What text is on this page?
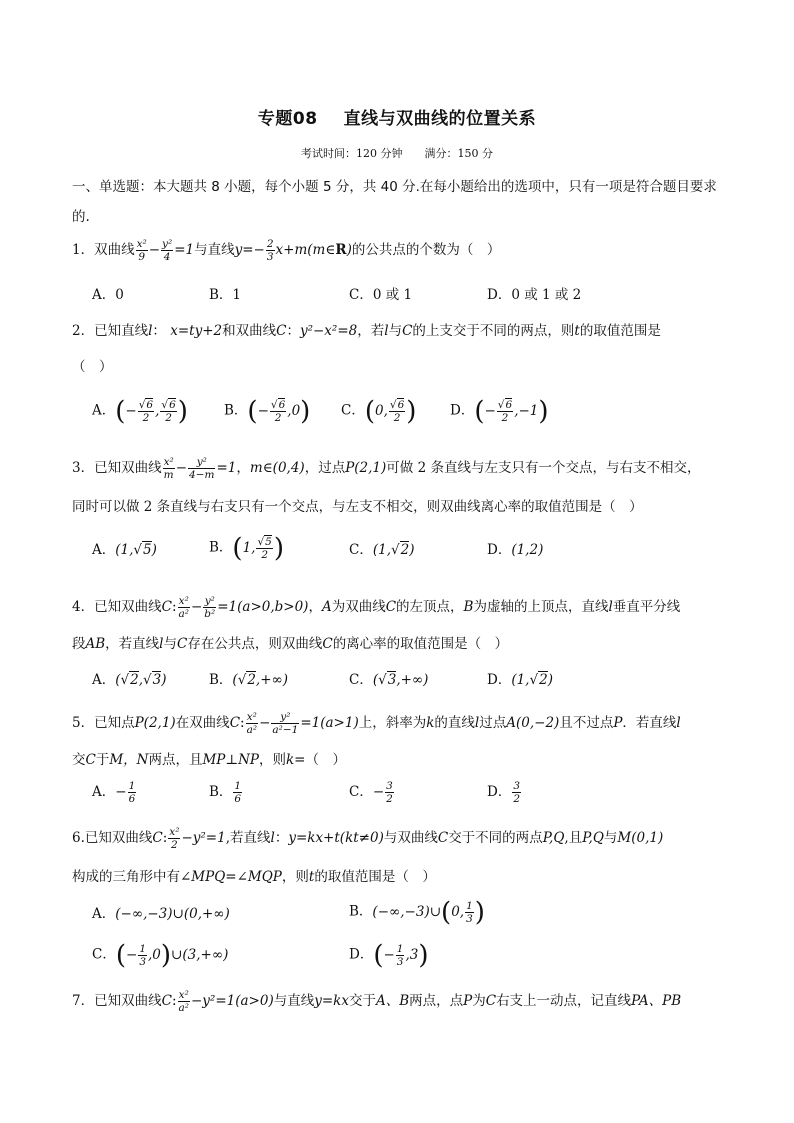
专题08 直线与双曲线的位置关系
考试时间：120 分钟 满分：150 分
一、单选题：本大题共 8 小题，每个小题 5 分，共 40 分.在每小题给出的选项中，只有一项是符合题目要求
的.
1．双曲线 $\frac{\text{x²}}{9} - \frac{\text{y²}}{4} =1$与直线$y=- \frac{2}{3}$ x+m(m∈R)的公共点的个数为（　）
A．0	B．1	C．0 或 1	D．0 或 1 或 2
2．已知直线l： x=ty+2和双曲线C：y²−x²=8，若l与C的上支交于不同的两点，则t的取值范围是
（　）
A．(− $\frac{√6}{2}$ , $\frac{√6}{2}$ )	B．(− $\frac{√6}{2} ,0$) C．(0, $\frac{√6}{2}$ ) D．(− $\frac{√6}{2} ,-1$)
3．已知双曲线 $\frac{\text{x²}}{m} - \frac{\text{y²}}{4-m} =1$，m∈(0,4)，过点P(2,1)可做 2 条直线与左支只有一个交点，与右支不相交，
同时可以做 2 条直线与右支只有一个交点，与左支不相交，则双曲线离心率的取值范围是（　）
A．(1,√5)	B．(1, $\frac{√5}{2}$ )	C．(1,√2)	D．(1,2)
4．已知双曲线C: $\frac{\text{x²}}{\text{a²}} - \frac{\text{y²}}{\text{b²}} =1(a>0,b>0)$，A为双曲线C的左顶点，B为虚轴的上顶点，直线l垂直平分线
段AB，若直线l与C存在公共点，则双曲线C的离心率的取值范围是（　）
A．(√2,√3)	B．(√2,+∞)	C．(√3,+∞)	D．(1,√2)
5．已知点P(2,1)在双曲线C: $\frac{\text{x²}}{\text{a²}} - \frac{\text{y²}}{\text{a²−1}} =1(a>1)$上，斜率为k的直线l过点A(0,−2)且不过点P．若直线l
交C于M，N两点，且MP⊥NP，则k=（　）
A．− $\frac{1}{6}$	B． $\frac{1}{6}$	C．− $\frac{3}{2}$	D． $\frac{3}{2}$
6.已知双曲线C: $\frac{\text{x²}}{2} -y^2=1$,若直线l：y=kx+t(kt≠0)与双曲线C交于不同的两点P,Q,且P,Q与M(0,1)
构成的三角形中有∠MPQ=∠MQP，则t的取值范围是（　）
A．(−∞,−3)∪(0,+∞)	B．(−∞,−3)∪(0, $\frac{1}{3}$ )
C．(− $\frac{1}{3}$ ,0)∪(3,+∞)	D．(− $\frac{1}{3} ,3$)
7．已知双曲线C: $\frac{\text{x²}}{\text{a²}} -y^2=1(a>0)$与直线y=kx交于A、B两点，点P为C右支上一动点，记直线PA、PB
